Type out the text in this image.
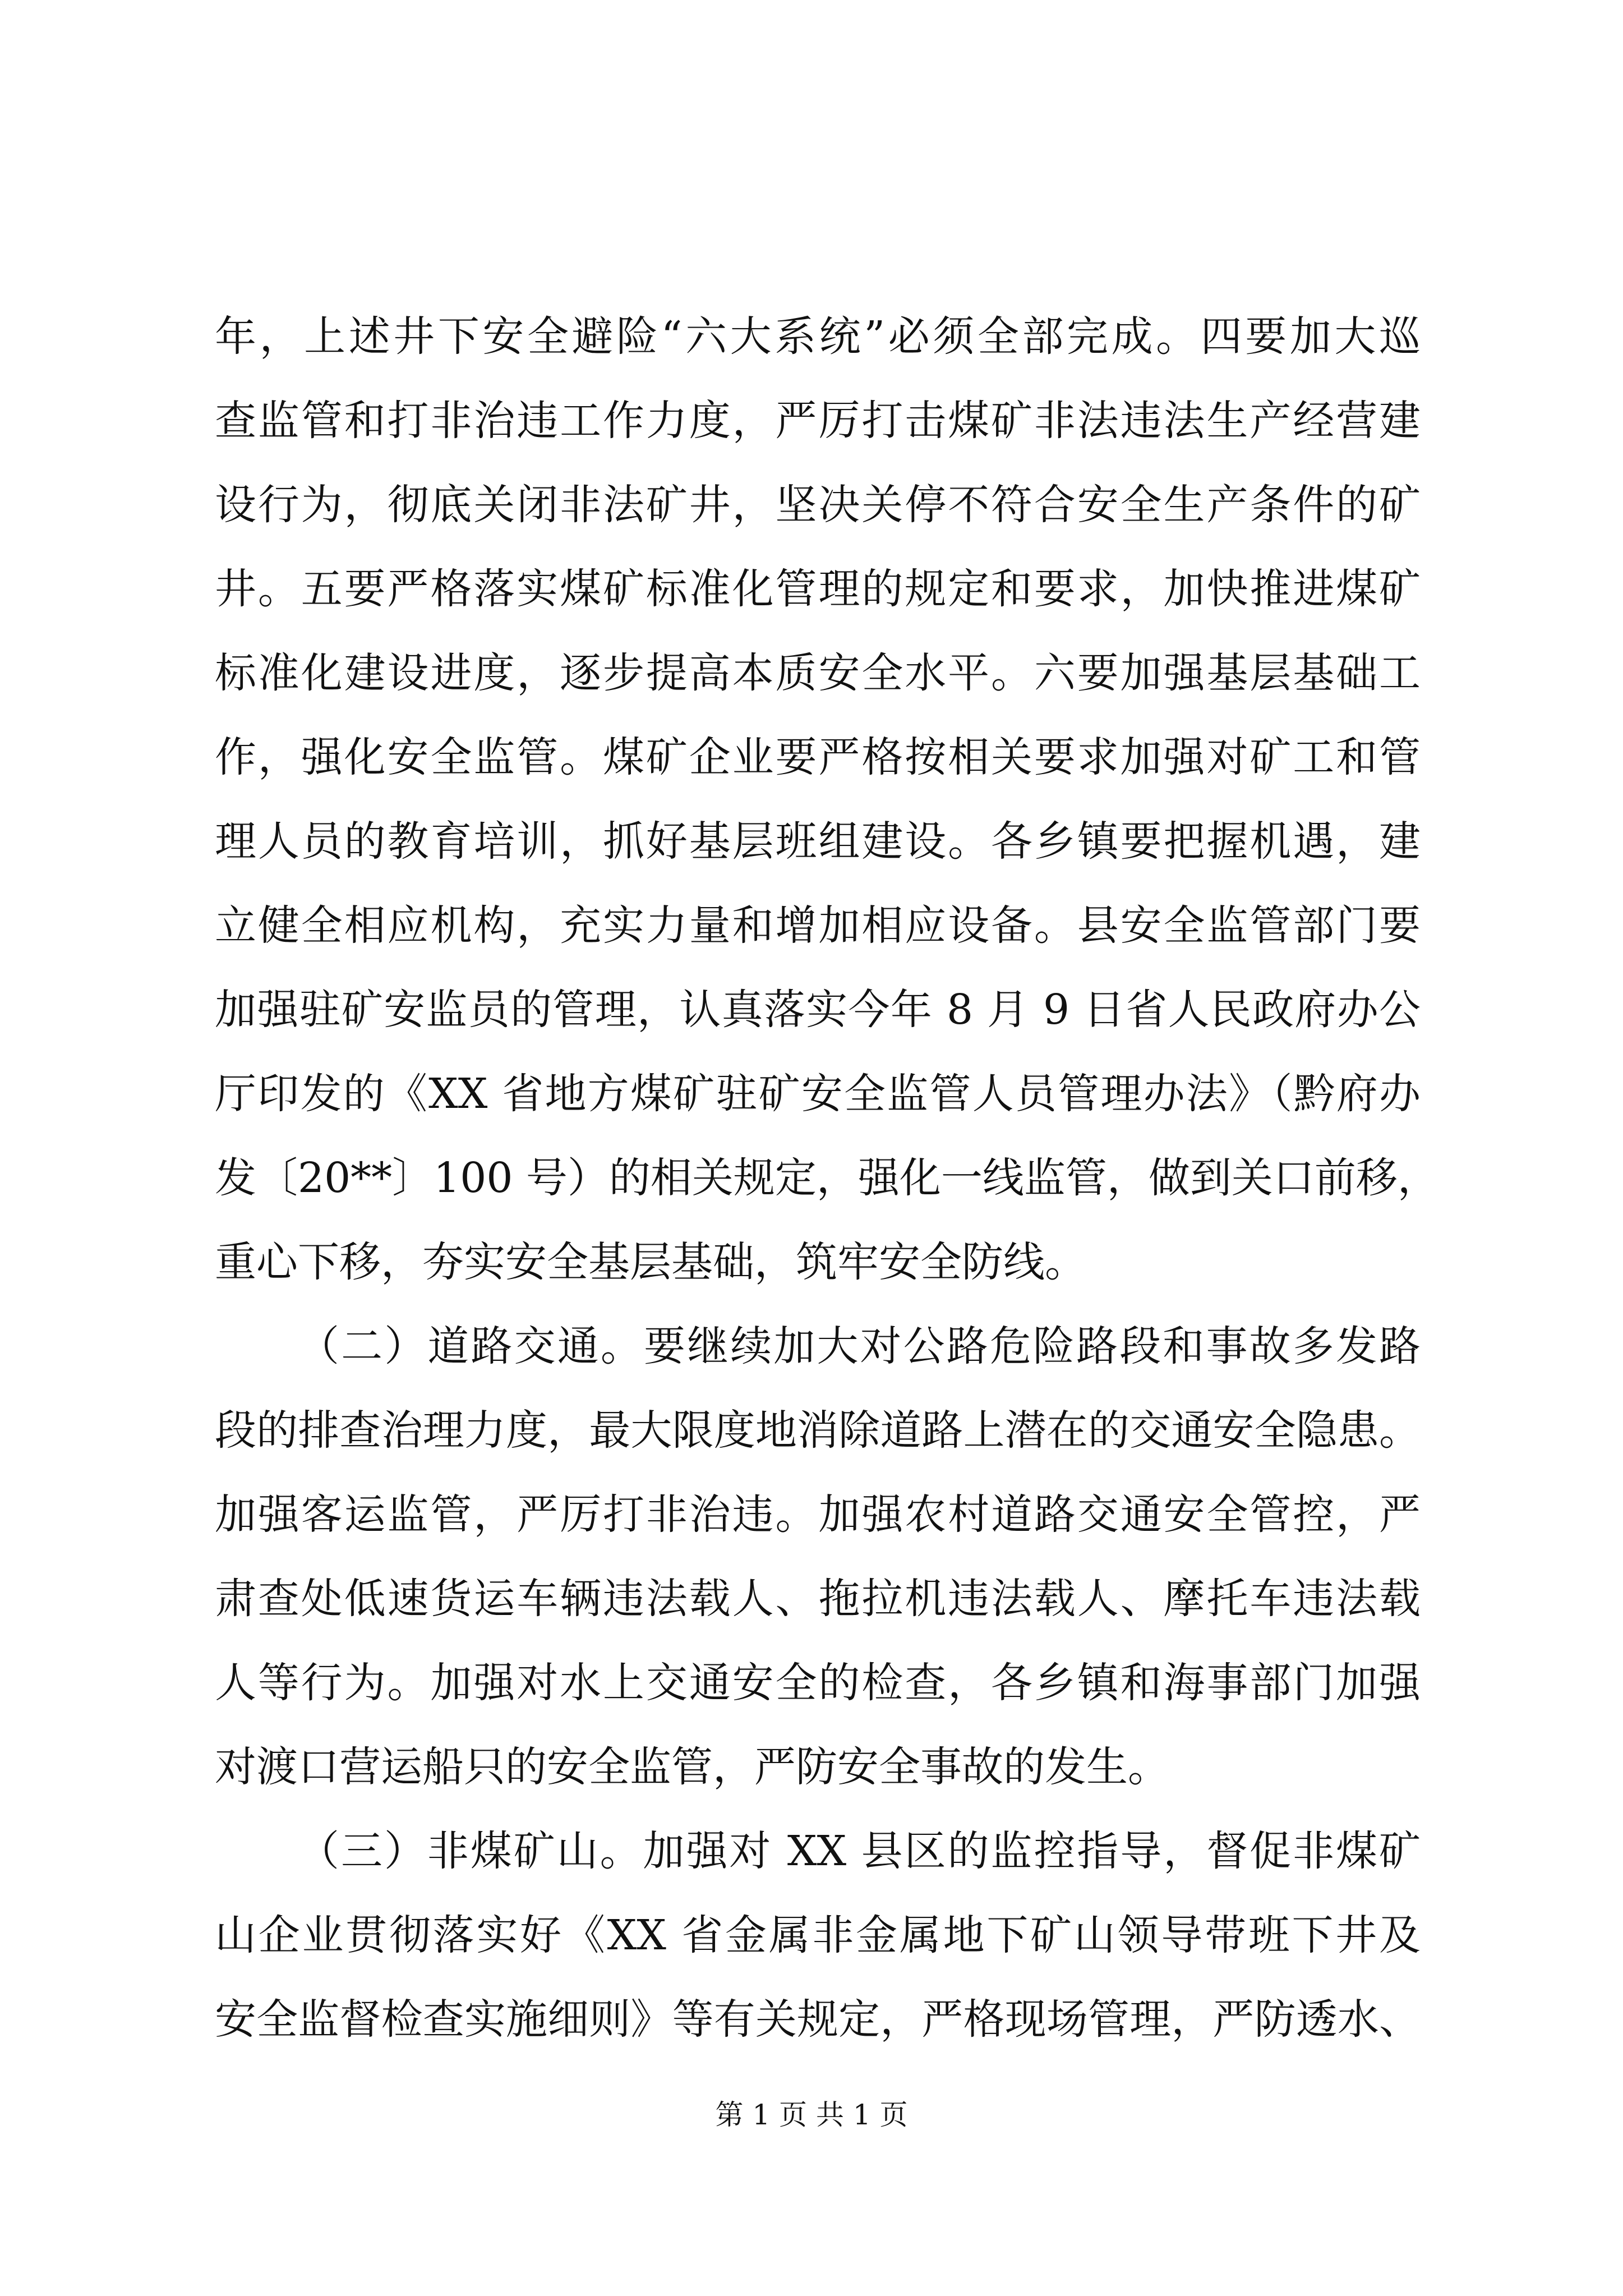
年，上述井下安全避险“六大系统”必须全部完成。四要加大巡
查监管和打非治违工作力度，严厉打击煤矿非法违法生产经营建
设行为，彻底关闭非法矿井，坚决关停不符合安全生产条件的矿
井。五要严格落实煤矿标准化管理的规定和要求，加快推进煤矿
标准化建设进度，逐步提高本质安全水平。六要加强基层基础工
作，强化安全监管。煤矿企业要严格按相关要求加强对矿工和管
理人员的教育培训，抓好基层班组建设。各乡镇要把握机遇，建
立健全相应机构，充实力量和增加相应设备。县安全监管部门要
加强驻矿安监员的管理，认真落实今年 8 月 9 日省人民政府办公
厅印发的《XX 省地方煤矿驻矿安全监管人员管理办法》（黔府办
发〔20**〕100 号）的相关规定，强化一线监管，做到关口前移，
重心下移，夯实安全基层基础，筑牢安全防线。
（二）道路交通。要继续加大对公路危险路段和事故多发路
段的排查治理力度，最大限度地消除道路上潜在的交通安全隐患。
加强客运监管，严厉打非治违。加强农村道路交通安全管控，严
肃查处低速货运车辆违法载人、拖拉机违法载人、摩托车违法载
人等行为。加强对水上交通安全的检查，各乡镇和海事部门加强
对渡口营运船只的安全监管，严防安全事故的发生。
（三）非煤矿山。加强对 XX 县区的监控指导，督促非煤矿
山企业贯彻落实好《XX 省金属非金属地下矿山领导带班下井及
安全监督检查实施细则》等有关规定，严格现场管理，严防透水、
第 1 页 共 1 页
